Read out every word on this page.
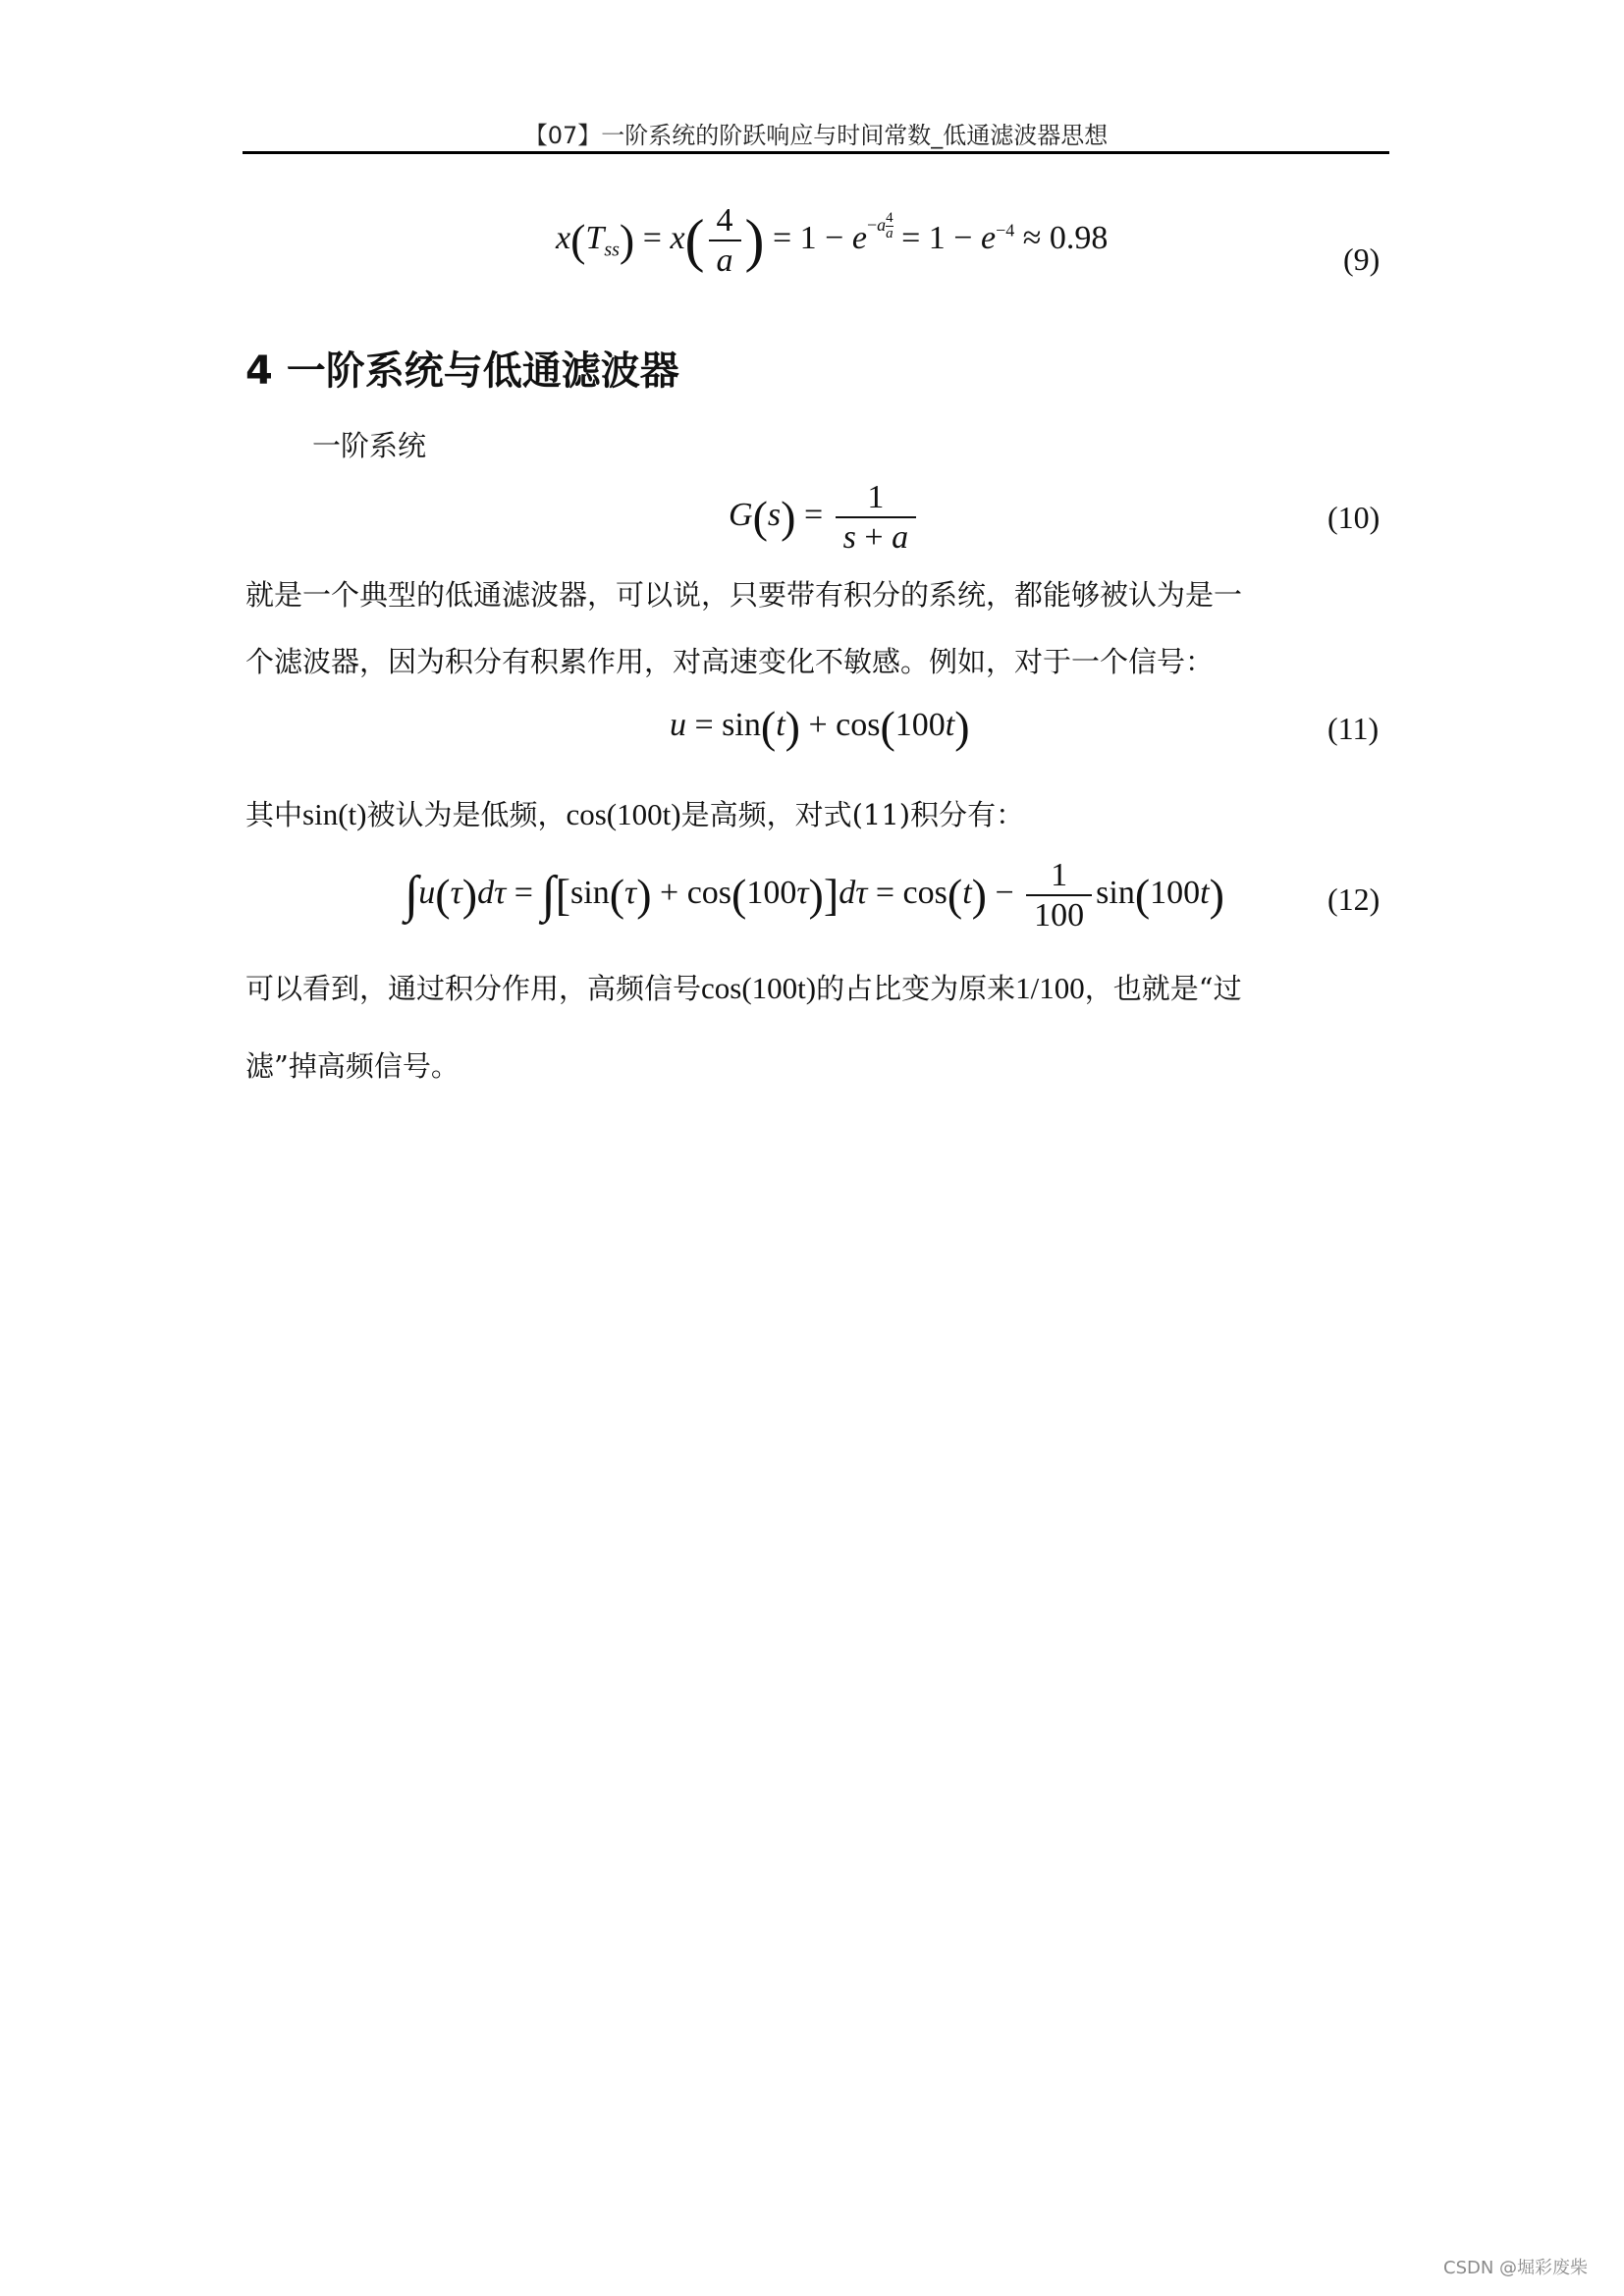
【07】一阶系统的阶跃响应与时间常数_低通滤波器思想
$x(T_{ss}) = x( \frac{4}{a}$ ) = $1 - e^{-a \frac{4}{a}} = 1 - e^{-4} \approx 0.98$
(9)
4 一阶系统与低通滤波器
一阶系统
$G(s) = \frac{1}{s + a}$	(10)
就是一个典型的低通滤波器，可以说，只要带有积分的系统，都能够被认为是一
个滤波器，因为积分有积累作用，对高速变化不敏感。例如，对于一个信号：
u = sin(t) + cos(100t)	(11)
其中sin(t)被认为是低频，cos(100t)是高频，对式(11)积分有：
$\int u(\tau)d\tau = \int[\sin(\tau) + \cos(100\tau)]d\tau = \cos(t) - \frac{1}{100} \sin(100t)$	(12)
可以看到，通过积分作用，高频信号cos(100t)的占比变为原来1/100，也就是“过
滤”掉高频信号。
CSDN @堀彩废柴
